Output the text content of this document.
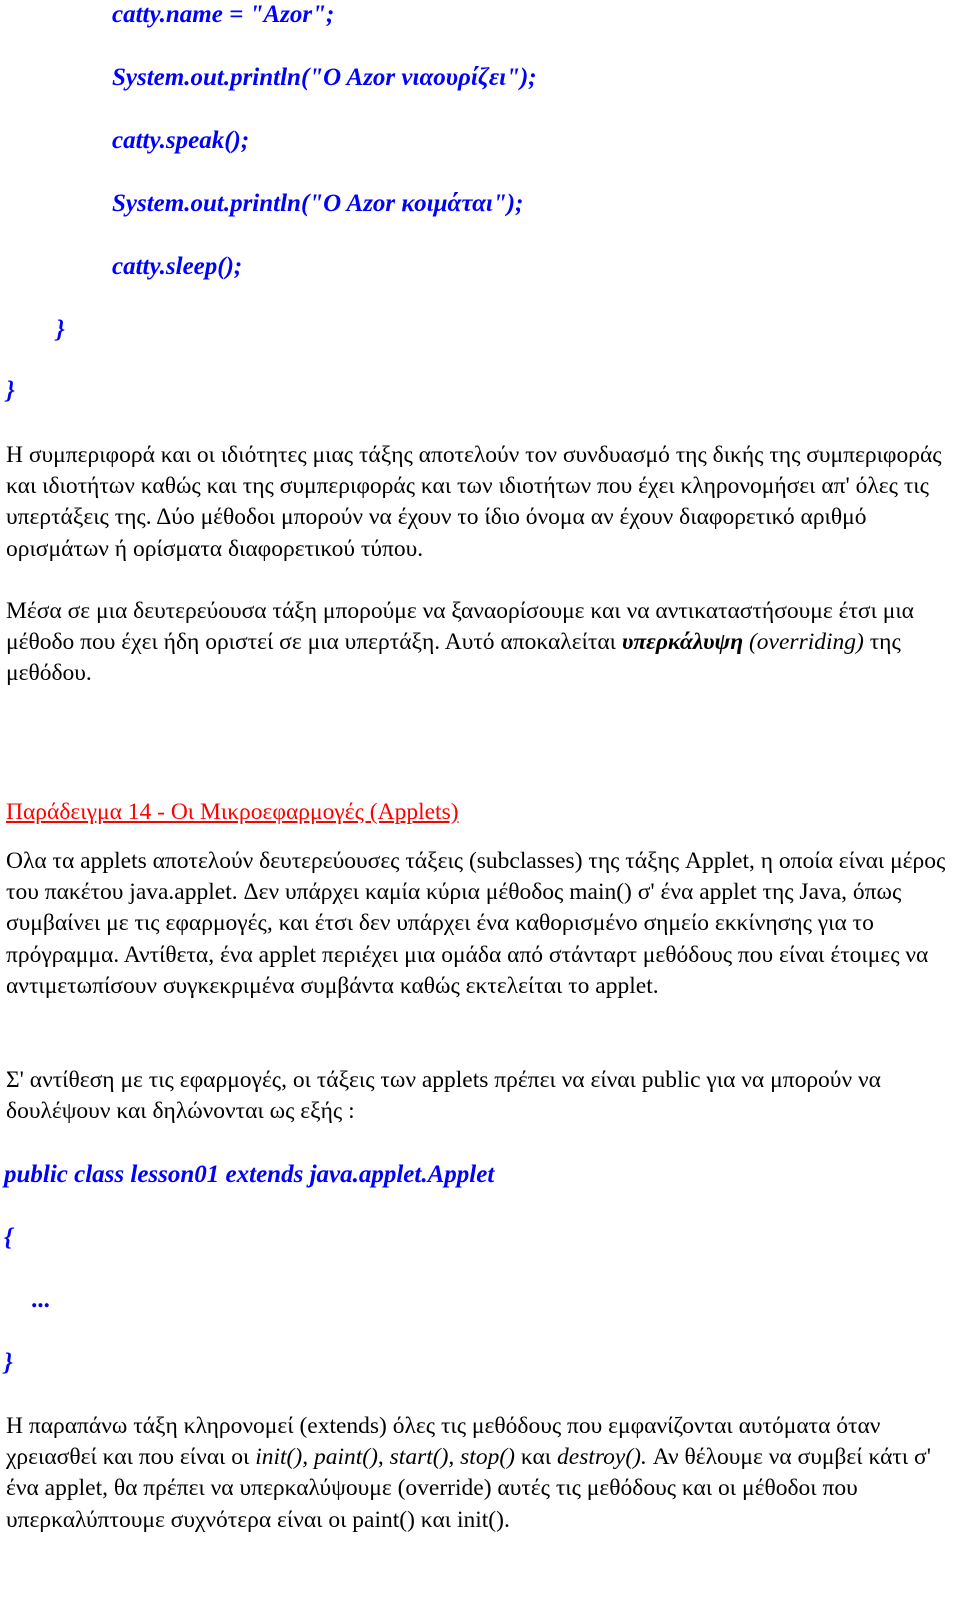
catty.name = "Azor";
System.out.println("O Azor νιαουρίζει");
catty.speak();
System.out.println("O Azor κοιμάται");
catty.sleep();
}
}

Η συμπεριφορά και οι ιδιότητες μιας τάξης αποτελούν τον συνδυασμό της δικής της συμπεριφοράς και ιδιοτήτων καθώς και της συμπεριφοράς και των ιδιοτήτων που έχει κληρονομήσει απ' όλες τις υπερτάξεις της. Δύο μέθοδοι μπορούν να έχουν το ίδιο όνομα αν έχουν διαφορετικό αριθμό ορισμάτων ή ορίσματα διαφορετικού τύπου.

Μέσα σε μια δευτερεύουσα τάξη μπορούμε να ξαναορίσουμε και να αντικαταστήσουμε έτσι μια μέθοδο που έχει ήδη οριστεί σε μια υπερτάξη. Αυτό αποκαλείται υπερκάλυψη (overriding) της μεθόδου.

Παράδειγμα 14 - Οι Μικροεφαρμογές (Applets)

Ολα τα applets αποτελούν δευτερεύουσες τάξεις (subclasses) της τάξης Applet, η οποία είναι μέρος του πακέτου java.applet. Δεν υπάρχει καμία κύρια μέθοδος main() σ' ένα applet της Java, όπως συμβαίνει με τις εφαρμογές, και έτσι δεν υπάρχει ένα καθορισμένο σημείο εκκίνησης για το πρόγραμμα. Αντίθετα, ένα applet περιέχει μια ομάδα από στάνταρτ μεθόδους που είναι έτοιμες να αντιμετωπίσουν συγκεκριμένα συμβάντα καθώς εκτελείται το applet.

Σ' αντίθεση με τις εφαρμογές, οι τάξεις των applets πρέπει να είναι public για να μπορούν να δουλέψουν και δηλώνονται ως εξής :

public class lesson01 extends java.applet.Applet
{
...
}

Η παραπάνω τάξη κληρονομεί (extends) όλες τις μεθόδους που εμφανίζονται αυτόματα όταν χρειασθεί και που είναι οι init(), paint(), start(), stop() και destroy(). Αν θέλουμε να συμβεί κάτι σ' ένα applet, θα πρέπει να υπερκαλύψουμε (override) αυτές τις μεθόδους και οι μέθοδοι που υπερκαλύπτουμε συχνότερα είναι οι paint() και init().
